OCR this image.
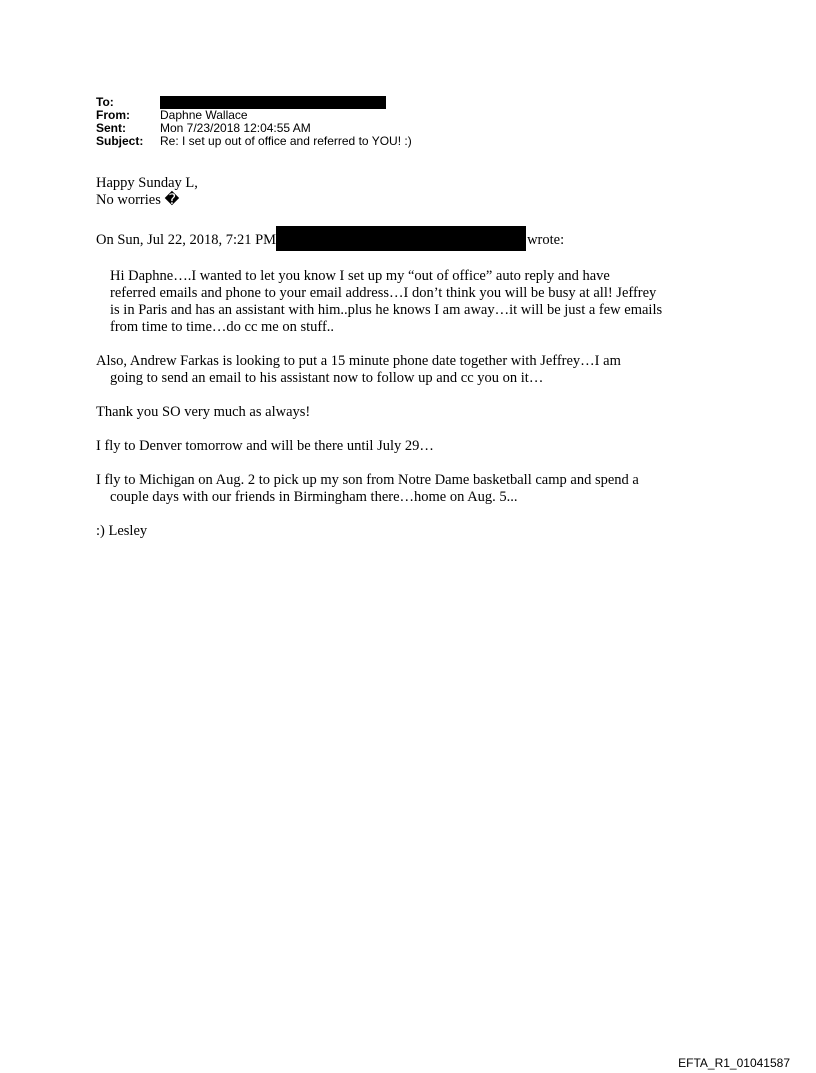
To:
From:	Daphne Wallace
Sent:	Mon 7/23/2018 12:04:55 AM
Subject:	Re: I set up out of office and referred to YOU! :)
Happy Sunday L,
No worries �
On Sun, Jul 22, 2018, 7:21 PM	wrote:
Hi Daphne….I wanted to let you know I set up my “out of office” auto reply and have
referred emails and phone to your email address…I don’t think you will be busy at all! Jeffrey
is in Paris and has an assistant with him..plus he knows I am away…it will be just a few emails
from time to time…do cc me on stuff..
Also, Andrew Farkas is looking to put a 15 minute phone date together with Jeffrey…I am
going to send an email to his assistant now to follow up and cc you on it…
Thank you SO very much as always!
I fly to Denver tomorrow and will be there until July 29…
I fly to Michigan on Aug. 2 to pick up my son from Notre Dame basketball camp and spend a
couple days with our friends in Birmingham there…home on Aug. 5...
:) Lesley
EFTA_R1_01041587
